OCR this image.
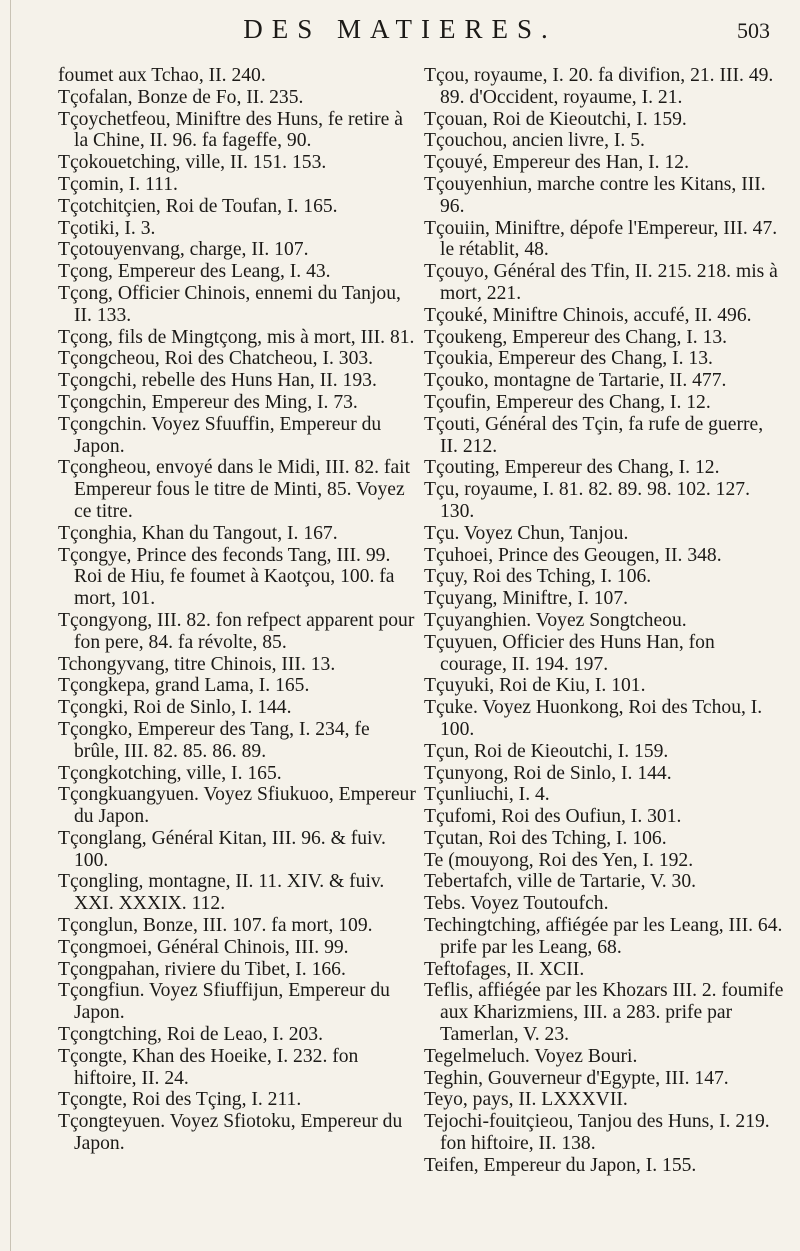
DES MATIERES.	503

foumet aux Tchao, II. 240.

Tçofalan, Bonze de Fo, II. 235.

Tçoychetfeou, Miniftre des Huns, fe retire à la Chine, II. 96. fa fageffe, 90.

Tçokouetching, ville, II. 151. 153.

Tçomin, I. 111.

Tçotchitçien, Roi de Toufan, I. 165.

Tçotiki, I. 3.

Tçotouyenvang, charge, II. 107.

Tçong, Empereur des Leang, I. 43.

Tçong, Officier Chinois, ennemi du Tanjou, II. 133.

Tçong, fils de Mingtçong, mis à mort, III. 81.

Tçongcheou, Roi des Chatcheou, I. 303.

Tçongchi, rebelle des Huns Han, II. 193.

Tçongchin, Empereur des Ming, I. 73.

Tçongchin. Voyez Sfuuffin, Empereur du Japon.

Tçongheou, envoyé dans le Midi, III. 82. fait Empereur fous le titre de Minti, 85. Voyez ce titre.

Tçonghia, Khan du Tangout, I. 167.

Tçongye, Prince des feconds Tang, III. 99. Roi de Hiu, fe foumet à Kaotçou, 100. fa mort, 101.

Tçongyong, III. 82. fon refpect apparent pour fon pere, 84. fa révolte, 85.

Tchongyvang, titre Chinois, III. 13.

Tçongkepa, grand Lama, I. 165.

Tçongki, Roi de Sinlo, I. 144.

Tçongko, Empereur des Tang, I. 234, fe brûle, III. 82. 85. 86. 89.

Tçongkotching, ville, I. 165.

Tçongkuangyuen. Voyez Sfiukuoo, Empereur du Japon.

Tçonglang, Général Kitan, III. 96. & fuiv. 100.

Tçongling, montagne, II. 11. XIV. & fuiv. XXI. XXXIX. 112.

Tçonglun, Bonze, III. 107. fa mort, 109.

Tçongmoei, Général Chinois, III. 99.

Tçongpahan, riviere du Tibet, I. 166.

Tçongfiun. Voyez Sfiuffijun, Empereur du Japon.

Tçongtching, Roi de Leao, I. 203.

Tçongte, Khan des Hoeike, I. 232. fon hiftoire, II. 24.

Tçongte, Roi des Tçing, I. 211.

Tçongteyuen. Voyez Sfiotoku, Empereur du Japon.

Tçou, royaume, I. 20. fa divifion, 21. III. 49. 89. d'Occident, royaume, I. 21.

Tçouan, Roi de Kieoutchi, I. 159.

Tçouchou, ancien livre, I. 5.

Tçouyé, Empereur des Han, I. 12.

Tçouyenhiun, marche contre les Kitans, III. 96.

Tçouiin, Miniftre, dépofe l'Empereur, III. 47. le rétablit, 48.

Tçouyo, Général des Tfin, II. 215. 218. mis à mort, 221.

Tçouké, Miniftre Chinois, accufé, II. 496.

Tçoukeng, Empereur des Chang, I. 13.

Tçoukia, Empereur des Chang, I. 13.

Tçouko, montagne de Tartarie, II. 477.

Tçoufin, Empereur des Chang, I. 12.

Tçouti, Général des Tçin, fa rufe de guerre, II. 212.

Tçouting, Empereur des Chang, I. 12.

Tçu, royaume, I. 81. 82. 89. 98. 102. 127. 130.

Tçu. Voyez Chun, Tanjou.

Tçuhoei, Prince des Geougen, II. 348.

Tçuy, Roi des Tching, I. 106.

Tçuyang, Miniftre, I. 107.

Tçuyanghien. Voyez Songtcheou.

Tçuyuen, Officier des Huns Han, fon courage, II. 194. 197.

Tçuyuki, Roi de Kiu, I. 101.

Tçuke. Voyez Huonkong, Roi des Tchou, I. 100.

Tçun, Roi de Kieoutchi, I. 159.

Tçunyong, Roi de Sinlo, I. 144.

Tçunliuchi, I. 4.

Tçufomi, Roi des Oufiun, I. 301.

Tçutan, Roi des Tching, I. 106.

Te (mouyong, Roi des Yen, I. 192.

Tebertafch, ville de Tartarie, V. 30.

Tebs. Voyez Toutoufch.

Techingtching, affiégée par les Leang, III. 64. prife par les Leang, 68.

Teftofages, II. XCII.

Teflis, affiégée par les Khozars III. 2. foumife aux Kharizmiens, III. a 283. prife par Tamerlan, V. 23.

Tegelmeluch. Voyez Bouri.

Teghin, Gouverneur d'Egypte, III. 147.

Teyo, pays, II. LXXXVII.

Tejochi-fouitçieou, Tanjou des Huns, I. 219. fon hiftoire, II. 138.

Teifen, Empereur du Japon, I. 155.
